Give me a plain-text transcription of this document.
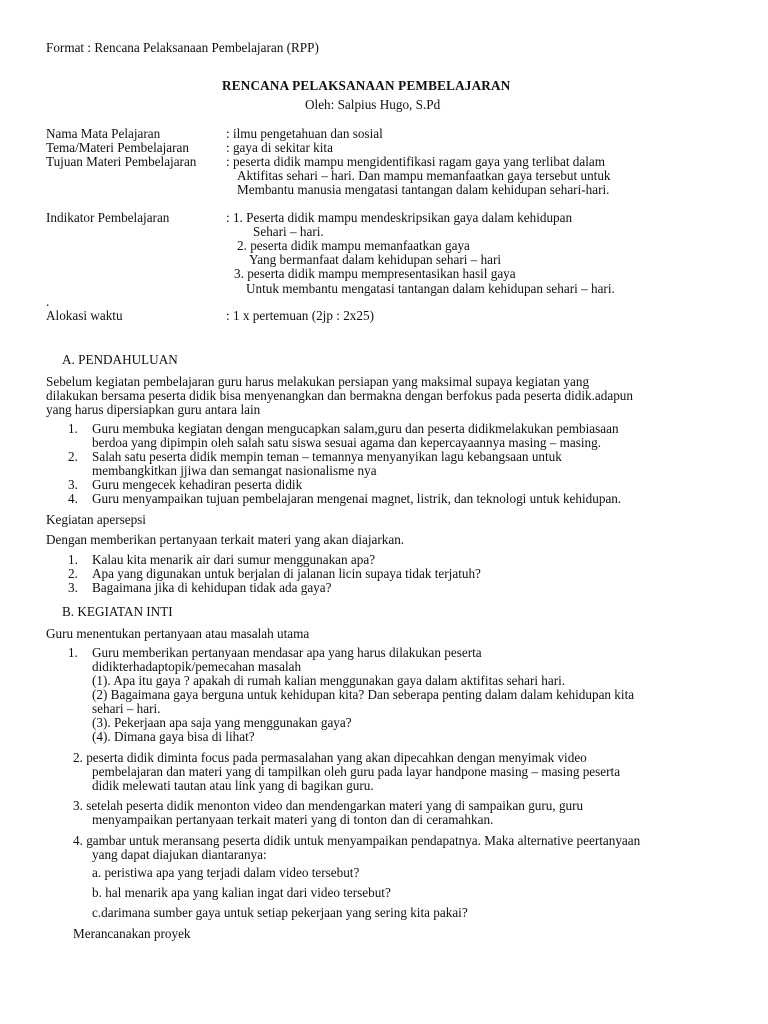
Format : Rencana Pelaksanaan Pembelajaran (RPP)
RENCANA PELAKSANAAN PEMBELAJARAN
Oleh: Salpius Hugo, S.Pd
Nama Mata Pelajaran	: ilmu pengetahuan dan sosial
Tema/Materi Pembelajaran	: gaya di sekitar kita
Tujuan Materi Pembelajaran : peserta didik mampu mengidentifikasi ragam gaya yang terlibat dalam
Aktifitas sehari – hari. Dan mampu memanfaatkan gaya tersebut untuk
Membantu manusia mengatasi tantangan dalam kehidupan sehari-hari.
Indikator Pembelajaran	: 1. Peserta didik mampu mendeskripsikan gaya dalam kehidupan
Sehari – hari.
2. peserta didik mampu memanfaatkan gaya
Yang bermanfaat dalam kehidupan sehari – hari
3. peserta didik mampu mempresentasikan hasil gaya
Untuk membantu mengatasi tantangan dalam kehidupan sehari – hari.
.
Alokasi waktu	: 1 x pertemuan (2jp : 2x25)
A. PENDAHULUAN
Sebelum kegiatan pembelajaran guru harus melakukan persiapan yang maksimal supaya kegiatan yang
dilakukan bersama peserta didik bisa menyenangkan dan bermakna dengan berfokus pada peserta didik.adapun
yang harus dipersiapkan guru antara lain
1. Guru membuka kegiatan dengan mengucapkan salam,guru dan peserta didikmelakukan pembiasaan
berdoa yang dipimpin oleh salah satu siswa sesuai agama dan kepercayaannya masing – masing.
2. Salah satu peserta didik mempin teman – temannya menyanyikan lagu kebangsaan untuk
membangkitkan jjiwa dan semangat nasionalisme nya
3. Guru mengecek kehadiran peserta didik
4. Guru menyampaikan tujuan pembelajaran mengenai magnet, listrik, dan teknologi untuk kehidupan.
Kegiatan apersepsi
Dengan memberikan pertanyaan terkait materi yang akan diajarkan.
1. Kalau kita menarik air dari sumur menggunakan apa?
2. Apa yang digunakan untuk berjalan di jalanan licin supaya tidak terjatuh?
3. Bagaimana jika di kehidupan tidak ada gaya?
B. KEGIATAN INTI
Guru menentukan pertanyaan atau masalah utama
1. Guru memberikan pertanyaan mendasar apa yang harus dilakukan peserta
didikterhadaptopik/pemecahan masalah
(1). Apa itu gaya ? apakah di rumah kalian menggunakan gaya dalam aktifitas sehari hari.
(2) Bagaimana gaya berguna untuk kehidupan kita? Dan seberapa penting dalam dalam kehidupan kita
sehari – hari.
(3). Pekerjaan apa saja yang menggunakan gaya?
(4). Dimana gaya bisa di lihat?
2. peserta didik diminta focus pada permasalahan yang akan dipecahkan dengan menyimak video
pembelajaran dan materi yang di tampilkan oleh guru pada layar handpone masing – masing peserta
didik melewati tautan atau link yang di bagikan guru.
3. setelah peserta didik menonton video dan mendengarkan materi yang di sampaikan guru, guru
menyampaikan pertanyaan terkait materi yang di tonton dan di ceramahkan.
4. gambar untuk meransang peserta didik untuk menyampaikan pendapatnya. Maka alternative peertanyaan
yang dapat diajukan diantaranya:
a. peristiwa apa yang terjadi dalam video tersebut?
b. hal menarik apa yang kalian ingat dari video tersebut?
c.darimana sumber gaya untuk setiap pekerjaan yang sering kita pakai?
Merancanakan proyek
